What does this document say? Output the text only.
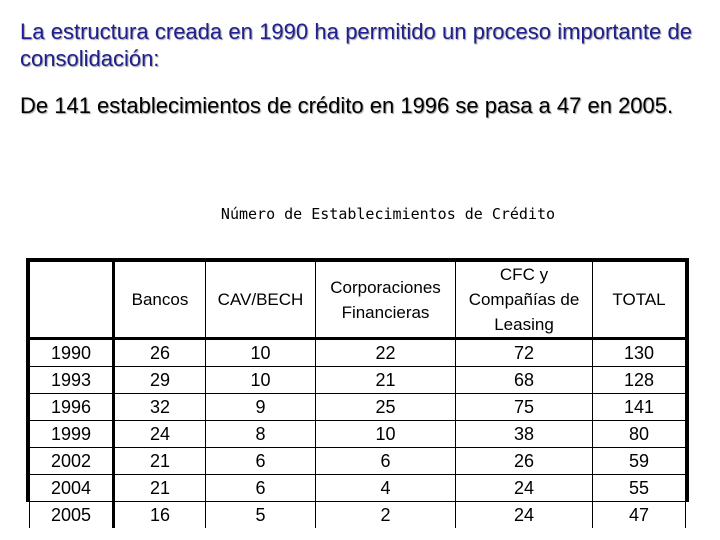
La estructura creada en 1990 ha permitido un proceso importante de consolidación:

De 141 establecimientos de crédito en 1996 se pasa a 47 en 2005.

Número de Establecimientos de Crédito
	Bancos	CAV/BECH	Corporaciones Financieras	CFC y Compañías de Leasing	TOTAL
1990	26	10	22	72	130
1993	29	10	21	68	128
1996	32	9	25	75	141
1999	24	8	10	38	80
2002	21	6	6	26	59
2004	21	6	4	24	55
2005	16	5	2	24	47
